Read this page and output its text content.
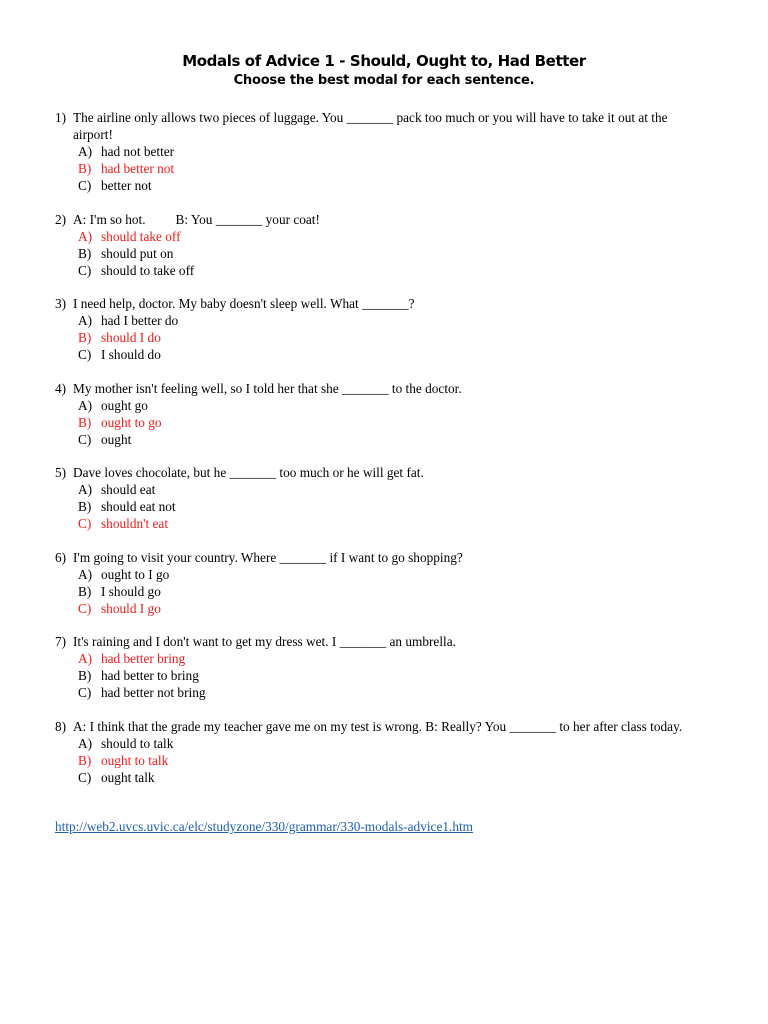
Modals of Advice 1 - Should, Ought to, Had Better
Choose the best modal for each sentence.
1) The airline only allows two pieces of luggage. You _______ pack too much or you will have to take it out at the airport!
A) had not better
B) had better not
C) better not
2) A: I'm so hot.         B: You _______ your coat!
A) should take off
B) should put on
C) should to take off
3) I need help, doctor. My baby doesn't sleep well. What _______?
A) had I better do
B) should I do
C) I should do
4) My mother isn't feeling well, so I told her that she _______ to the doctor.
A) ought go
B) ought to go
C) ought
5) Dave loves chocolate, but he _______ too much or he will get fat.
A) should eat
B) should eat not
C) shouldn't eat
6) I'm going to visit your country. Where _______ if I want to go shopping?
A) ought to I go
B) I should go
C) should I go
7) It's raining and I don't want to get my dress wet. I _______ an umbrella.
A) had better bring
B) had better to bring
C) had better not bring
8) A: I think that the grade my teacher gave me on my test is wrong. B: Really? You _______ to her after class today.
A) should to talk
B) ought to talk
C) ought talk
http://web2.uvcs.uvic.ca/elc/studyzone/330/grammar/330-modals-advice1.htm
